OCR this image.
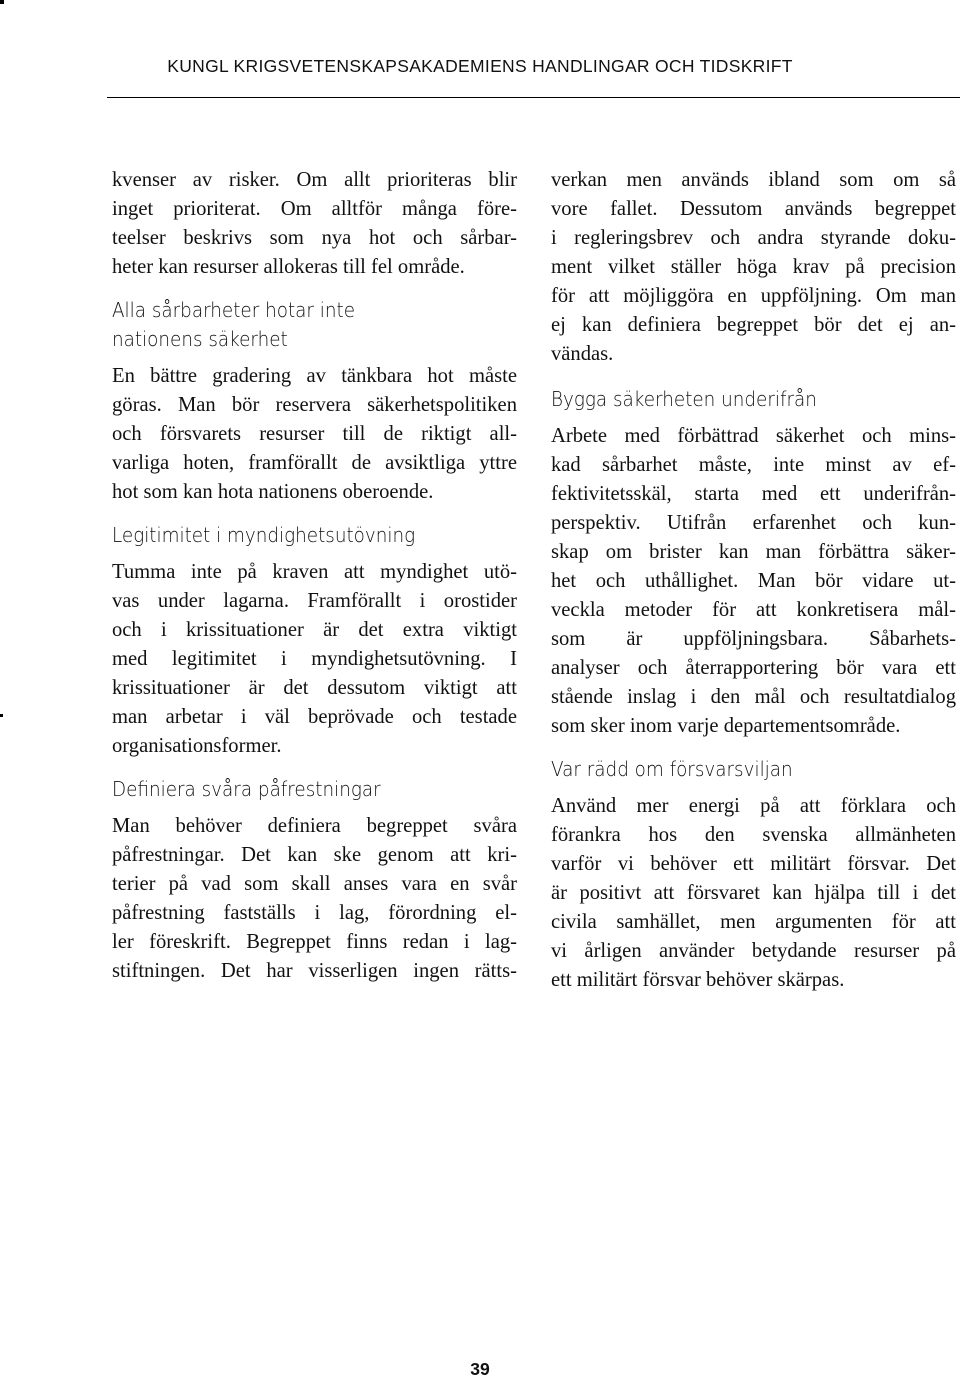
KUNGL KRIGSVETENSKAPSAKADEMIENS HANDLINGAR OCH TIDSKRIFT
kvenser av risker. Om allt prioriteras blir
inget prioriterat. Om alltför många före-
teelser beskrivs som nya hot och sårbar-
heter kan resurser allokeras till fel område.
Alla sårbarheter hotar inte
nationens säkerhet
En bättre gradering av tänkbara hot måste
göras. Man bör reservera säkerhetspolitiken
och försvarets resurser till de riktigt all-
varliga hoten, framförallt de avsiktliga yttre
hot som kan hota nationens oberoende.
Legitimitet i myndighetsutövning
Tumma inte på kraven att myndighet utö-
vas under lagarna. Framförallt i orostider
och i krissituationer är det extra viktigt
med legitimitet i myndighetsutövning. I
krissituationer är det dessutom viktigt att
man arbetar i väl beprövade och testade
organisationsformer.
Definiera svåra påfrestningar
Man behöver definiera begreppet svåra
påfrestningar. Det kan ske genom att kri-
terier på vad som skall anses vara en svår
påfrestning fastställs i lag, förordning el-
ler föreskrift. Begreppet finns redan i lag-
stiftningen. Det har visserligen ingen rätts-
verkan men används ibland som om så
vore fallet. Dessutom används begreppet
i regleringsbrev och andra styrande doku-
ment vilket ställer höga krav på precision
för att möjliggöra en uppföljning. Om man
ej kan definiera begreppet bör det ej an-
vändas.
Bygga säkerheten underifrån
Arbete med förbättrad säkerhet och mins-
kad sårbarhet måste, inte minst av ef-
fektivitetsskäl, starta med ett underifrån-
perspektiv. Utifrån erfarenhet och kun-
skap om brister kan man förbättra säker-
het och uthållighet. Man bör vidare ut-
veckla metoder för att konkretisera mål-
som är uppföljningsbara. Såbarhets-
analyser och återrapportering bör vara ett
stående inslag i den mål och resultatdialog
som sker inom varje departementsområde.
Var rädd om försvarsviljan
Använd mer energi på att förklara och
förankra hos den svenska allmänheten
varför vi behöver ett militärt försvar. Det
är positivt att försvaret kan hjälpa till i det
civila samhället, men argumenten för att
vi årligen använder betydande resurser på
ett militärt försvar behöver skärpas.
39
